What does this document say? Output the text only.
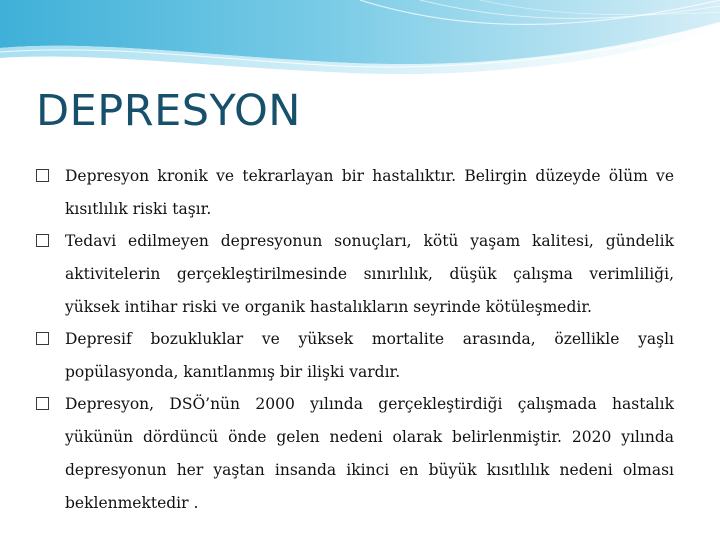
DEPRESYON
Depresyon kronik ve tekrarlayan bir hastalıktır. Belirgin düzeyde ölüm ve kısıtlılık riski taşır.
Tedavi edilmeyen depresyonun sonuçları, kötü yaşam kalitesi, gündelik aktivitelerin gerçekleştirilmesinde sınırlılık, düşük çalışma verimliliği, yüksek intihar riski ve organik hastalıkların seyrinde kötüleşmedir.
Depresif bozukluklar ve yüksek mortalite arasında, özellikle yaşlı popülasyonda, kanıtlanmış bir ilişki vardır.
Depresyon, DSÖ’nün 2000 yılında gerçekleştirdiği çalışmada hastalık yükünün dördüncü önde gelen nedeni olarak belirlenmiştir. 2020 yılında depresyonun her yaştan insanda ikinci en büyük kısıtlılık nedeni olması beklenmektedir .
